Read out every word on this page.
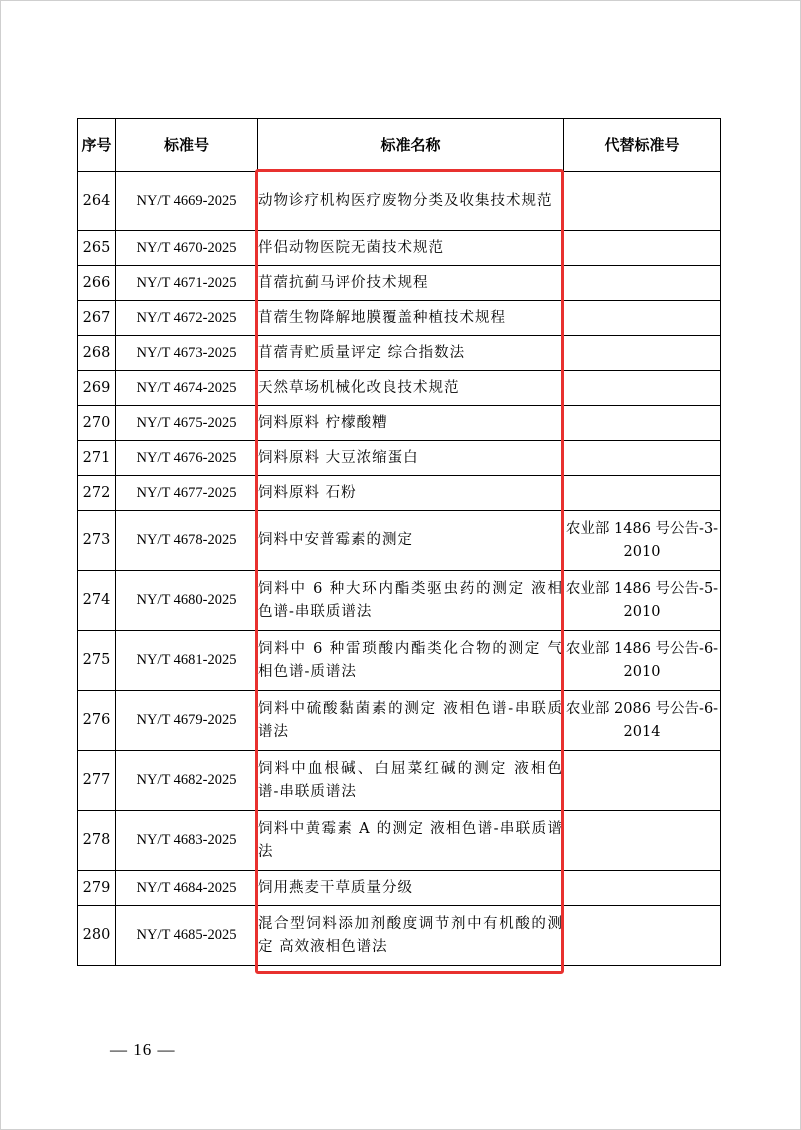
序号	标准号	标准名称	代替标准号
264	NY/T 4669-2025	动物诊疗机构医疗废物分类及收集技术规范	
265	NY/T 4670-2025	伴侣动物医院无菌技术规范	
266	NY/T 4671-2025	苜蓿抗蓟马评价技术规程	
267	NY/T 4672-2025	苜蓿生物降解地膜覆盖种植技术规程	
268	NY/T 4673-2025	苜蓿青贮质量评定 综合指数法	
269	NY/T 4674-2025	天然草场机械化改良技术规范	
270	NY/T 4675-2025	饲料原料 柠檬酸糟	
271	NY/T 4676-2025	饲料原料 大豆浓缩蛋白	
272	NY/T 4677-2025	饲料原料 石粉	
273	NY/T 4678-2025	饲料中安普霉素的测定	农业部 1486 号公告-3-2010
274	NY/T 4680-2025	饲料中 6 种大环内酯类驱虫药的测定 液相色谱-串联质谱法	农业部 1486 号公告-5-2010
275	NY/T 4681-2025	饲料中 6 种雷琐酸内酯类化合物的测定 气相色谱-质谱法	农业部 1486 号公告-6-2010
276	NY/T 4679-2025	饲料中硫酸黏菌素的测定 液相色谱-串联质谱法	农业部 2086 号公告-6-2014
277	NY/T 4682-2025	饲料中血根碱、白屈菜红碱的测定 液相色谱-串联质谱法	
278	NY/T 4683-2025	饲料中黄霉素 A 的测定 液相色谱-串联质谱法	
279	NY/T 4684-2025	饲用燕麦干草质量分级	
280	NY/T 4685-2025	混合型饲料添加剂酸度调节剂中有机酸的测定 高效液相色谱法	
— 16 —
